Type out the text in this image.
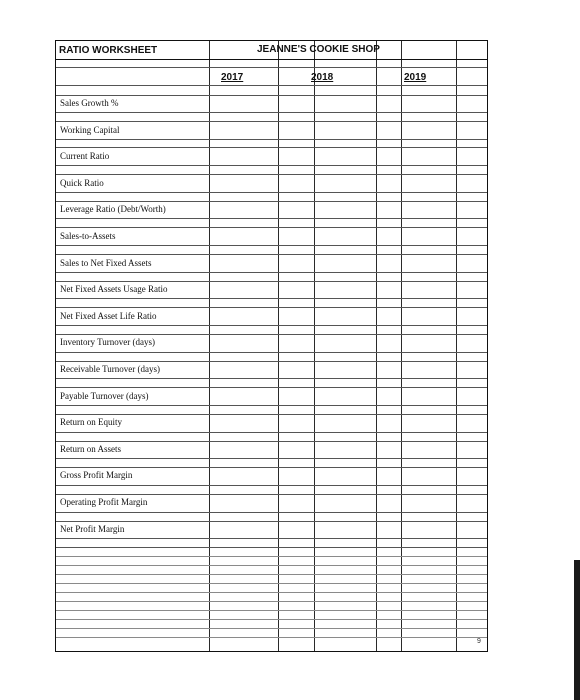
RATIO WORKSHEET	JEANNE'S COOKIE SHOP
2017	2018	2019
9
Sales Growth %
Working Capital
Current Ratio
Quick Ratio
Leverage Ratio (Debt/Worth)
Sales-to-Assets
Sales to Net Fixed Assets
Net Fixed Assets Usage Ratio
Net Fixed Asset Life Ratio
Inventory Turnover (days)
Receivable Turnover (days)
Payable Turnover (days)
Return on Equity
Return on Assets
Gross Profit Margin
Operating Profit Margin
Net Profit Margin
